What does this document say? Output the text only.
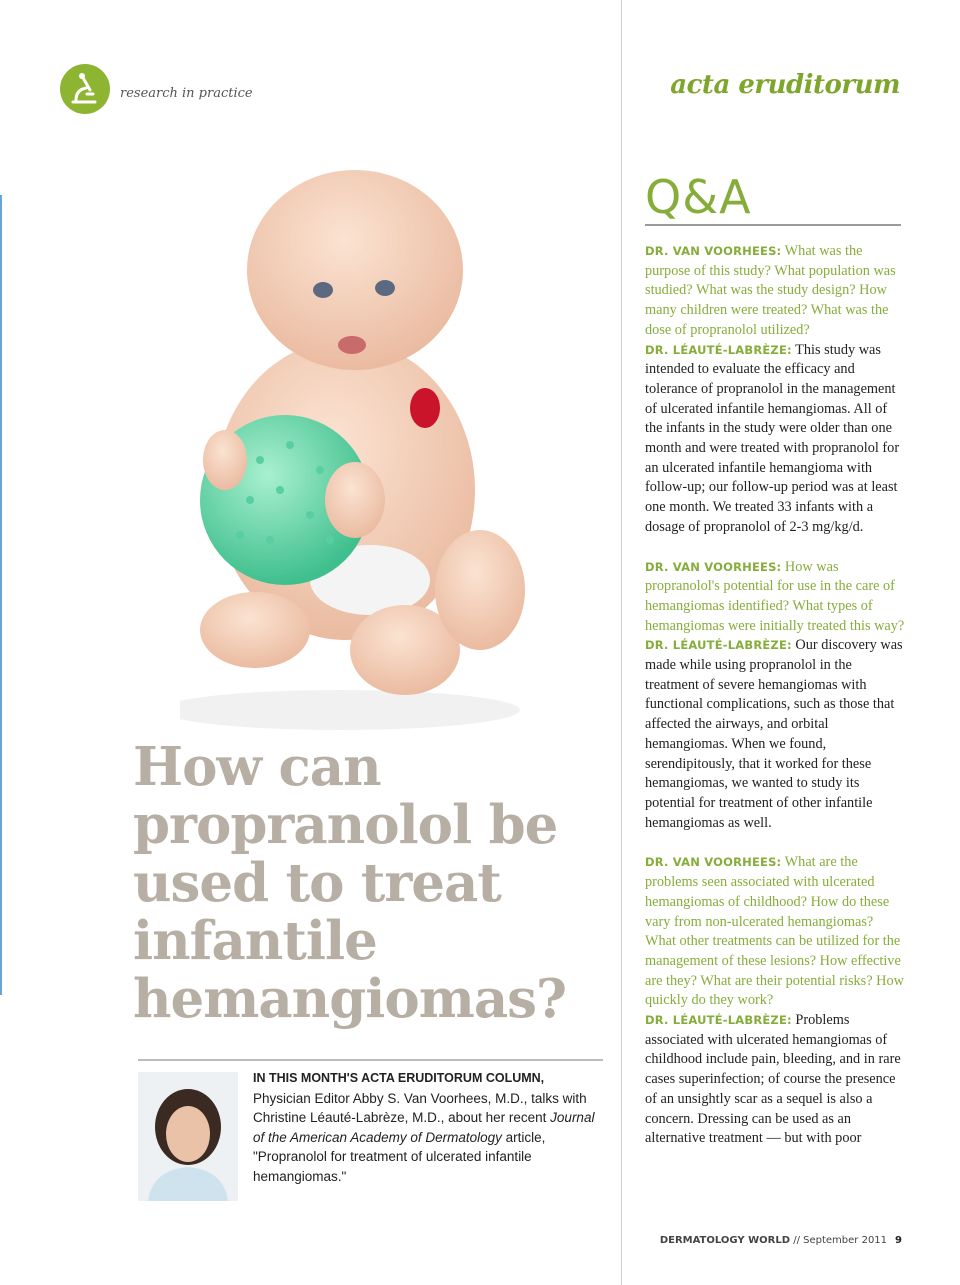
research in practice	acta eruditorum
How can propranolol be used to treat infantile hemangiomas?

IN THIS MONTH'S ACTA ERUDITORUM COLUMN, Physician Editor Abby S. Van Voorhees, M.D., talks with Christine Léauté-Labrèze, M.D., about her recent Journal of the American Academy of Dermatology article, "Propranolol for treatment of ulcerated infantile hemangiomas."

Q&A

DR. VAN VOORHEES: What was the purpose of this study? What population was studied? What was the study design? How many children were treated? What was the dose of propranolol utilized?

DR. LÉAUTÉ-LABRÈZE: This study was intended to evaluate the efficacy and tolerance of propranolol in the management of ulcerated infantile hemangiomas. All of the infants in the study were older than one month and were treated with propranolol for an ulcerated infantile hemangioma with follow-up; our follow-up period was at least one month. We treated 33 infants with a dosage of propranolol of 2-3 mg/kg/d.

DR. VAN VOORHEES: How was propranolol's potential for use in the care of hemangiomas identified? What types of hemangiomas were initially treated this way?

DR. LÉAUTÉ-LABRÈZE: Our discovery was made while using propranolol in the treatment of severe hemangiomas with functional complications, such as those that affected the airways, and orbital hemangiomas. When we found, serendipitously, that it worked for these hemangiomas, we wanted to study its potential for treatment of other infantile hemangiomas as well.

DR. VAN VOORHEES: What are the problems seen associated with ulcerated hemangiomas of childhood? How do these vary from non-ulcerated hemangiomas? What other treatments can be utilized for the management of these lesions? How effective are they? What are their potential risks? How quickly do they work?

DR. LÉAUTÉ-LABRÈZE: Problems associated with ulcerated hemangiomas of childhood include pain, bleeding, and in rare cases superinfection; of course the presence of an unsightly scar as a sequel is also a concern. Dressing can be used as an alternative treatment — but with poor

DERMATOLOGY WORLD // September 2011 9
